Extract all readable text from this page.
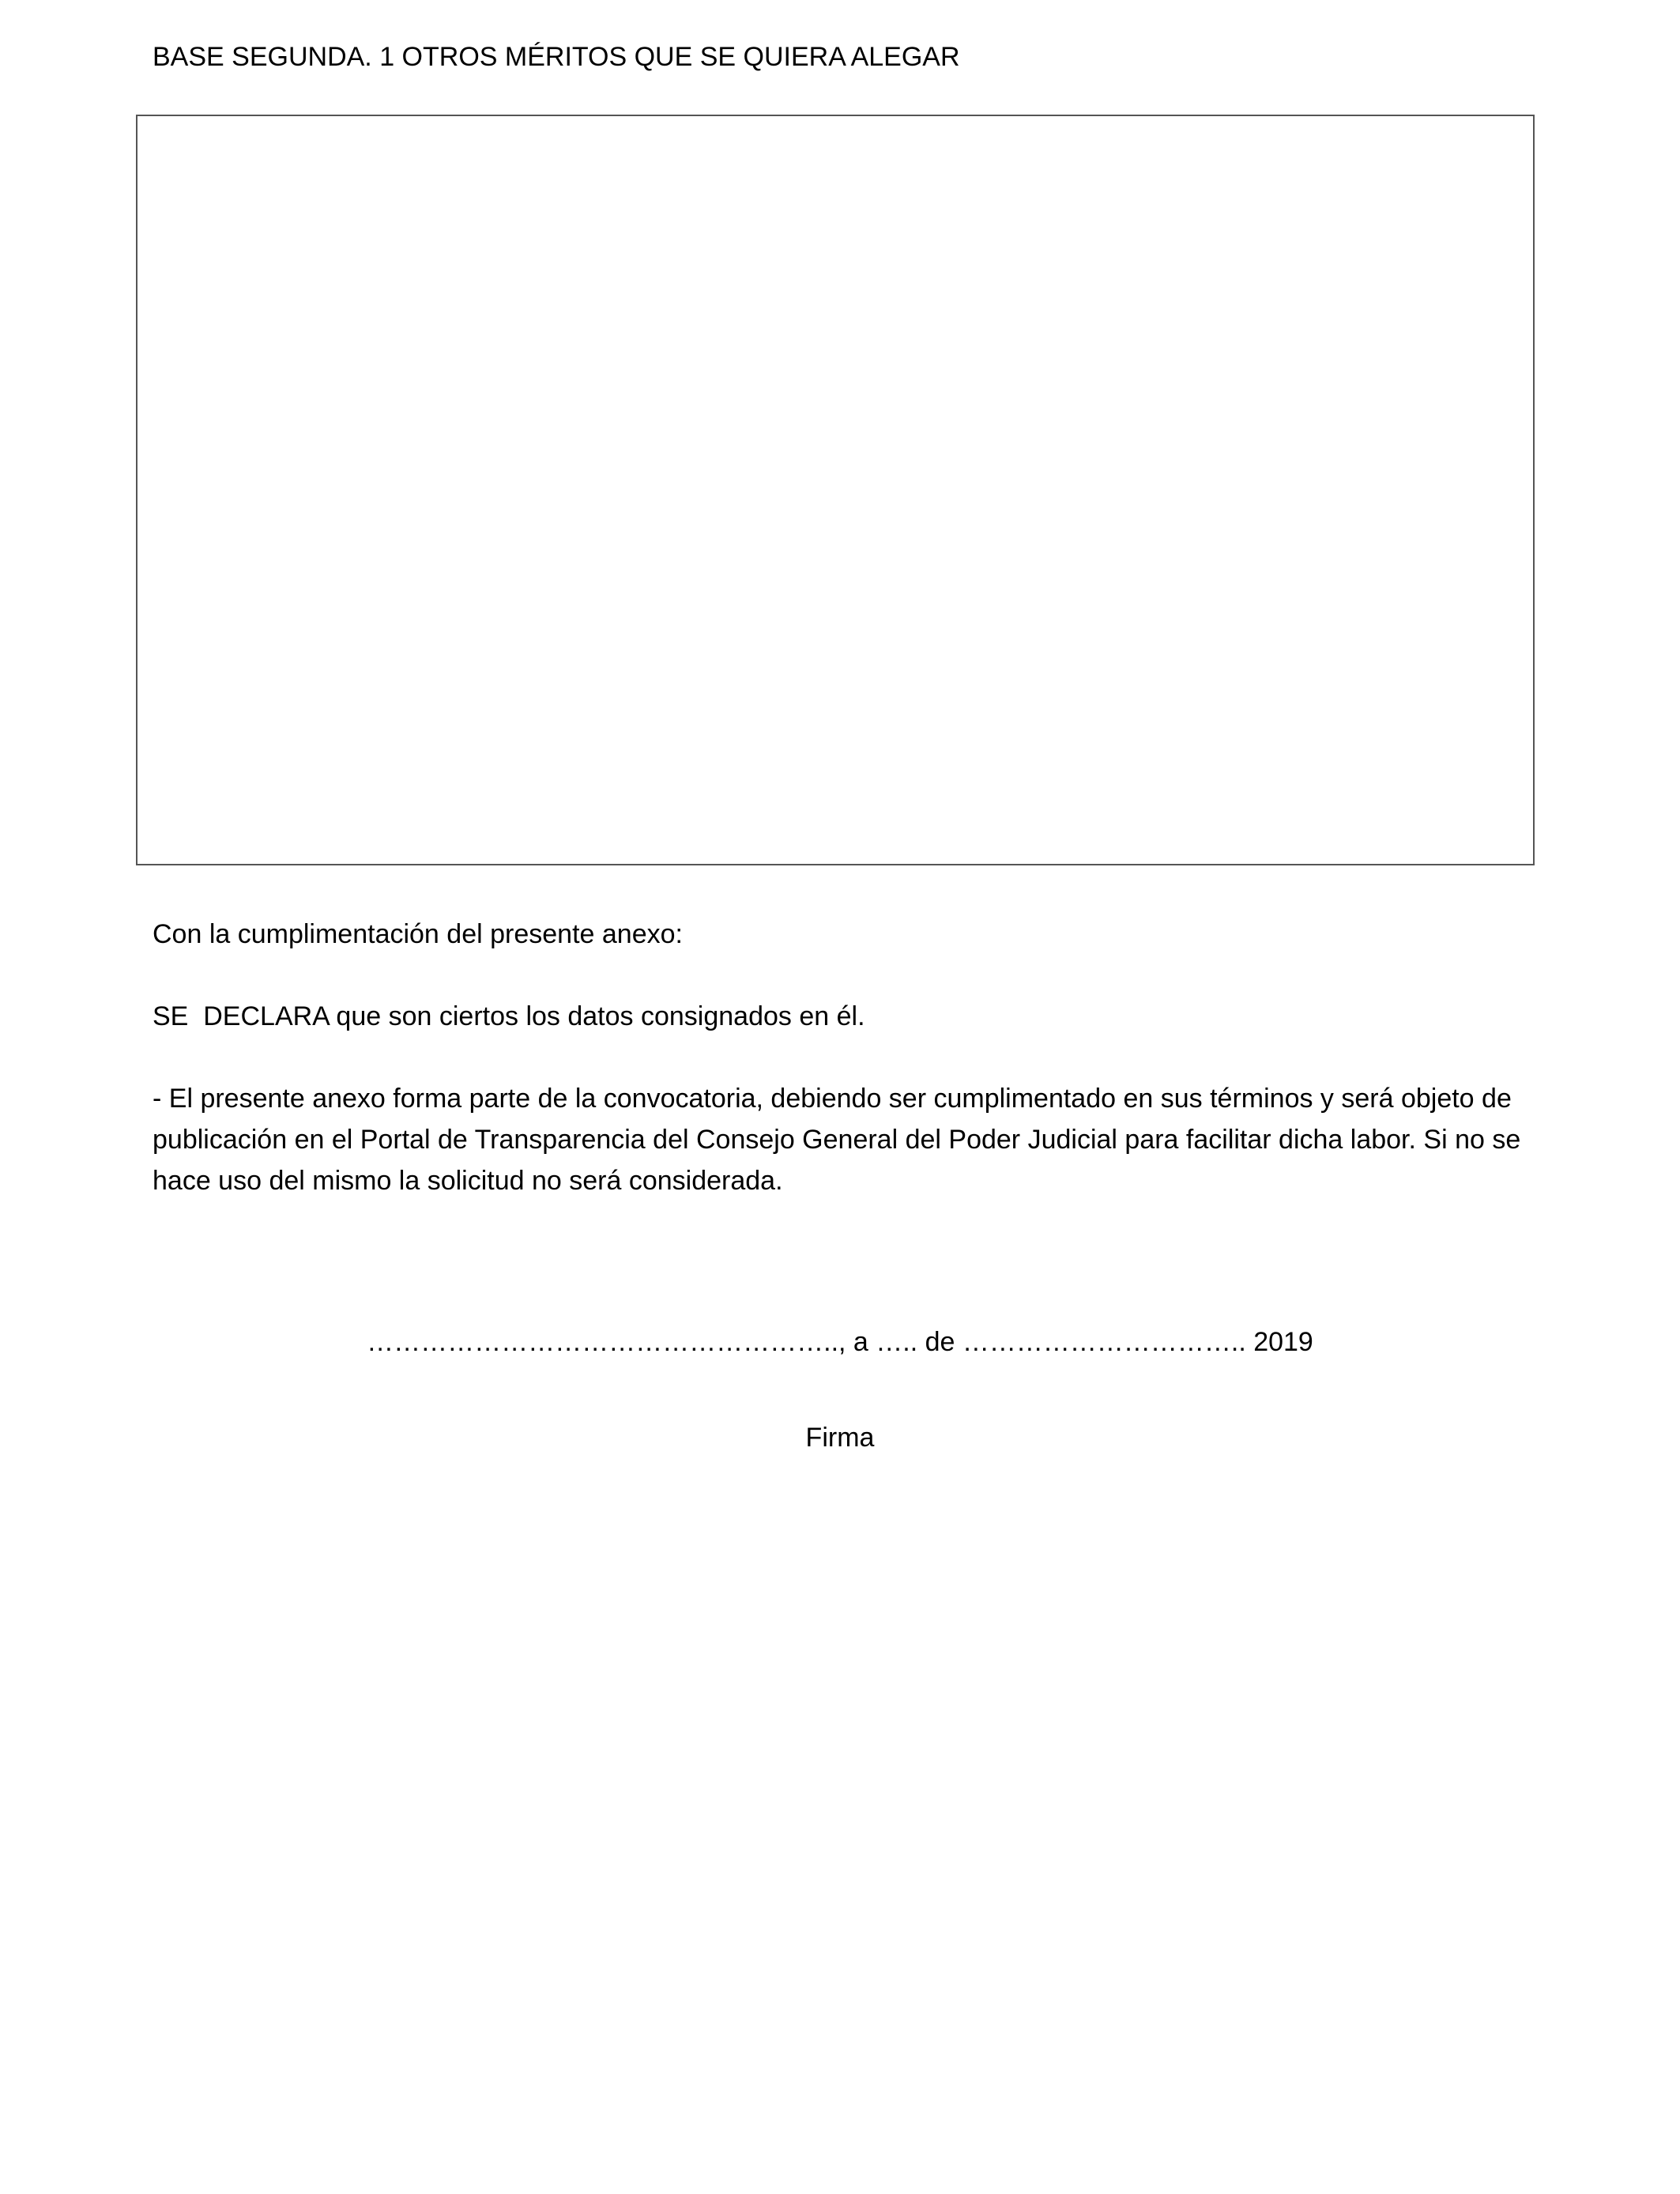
BASE SEGUNDA. 1 OTROS MÉRITOS QUE SE QUIERA ALEGAR
Con la cumplimentación del presente anexo:
SE  DECLARA que son ciertos los datos consignados en él.
- El presente anexo forma parte de la convocatoria, debiendo ser cumplimentado en sus términos y será objeto de publicación en el Portal de Transparencia del Consejo General del Poder Judicial para facilitar dicha labor. Si no se hace uso del mismo la solicitud no será considerada.
…………………………………………….., a ….. de ………………………….. 2019
Firma
